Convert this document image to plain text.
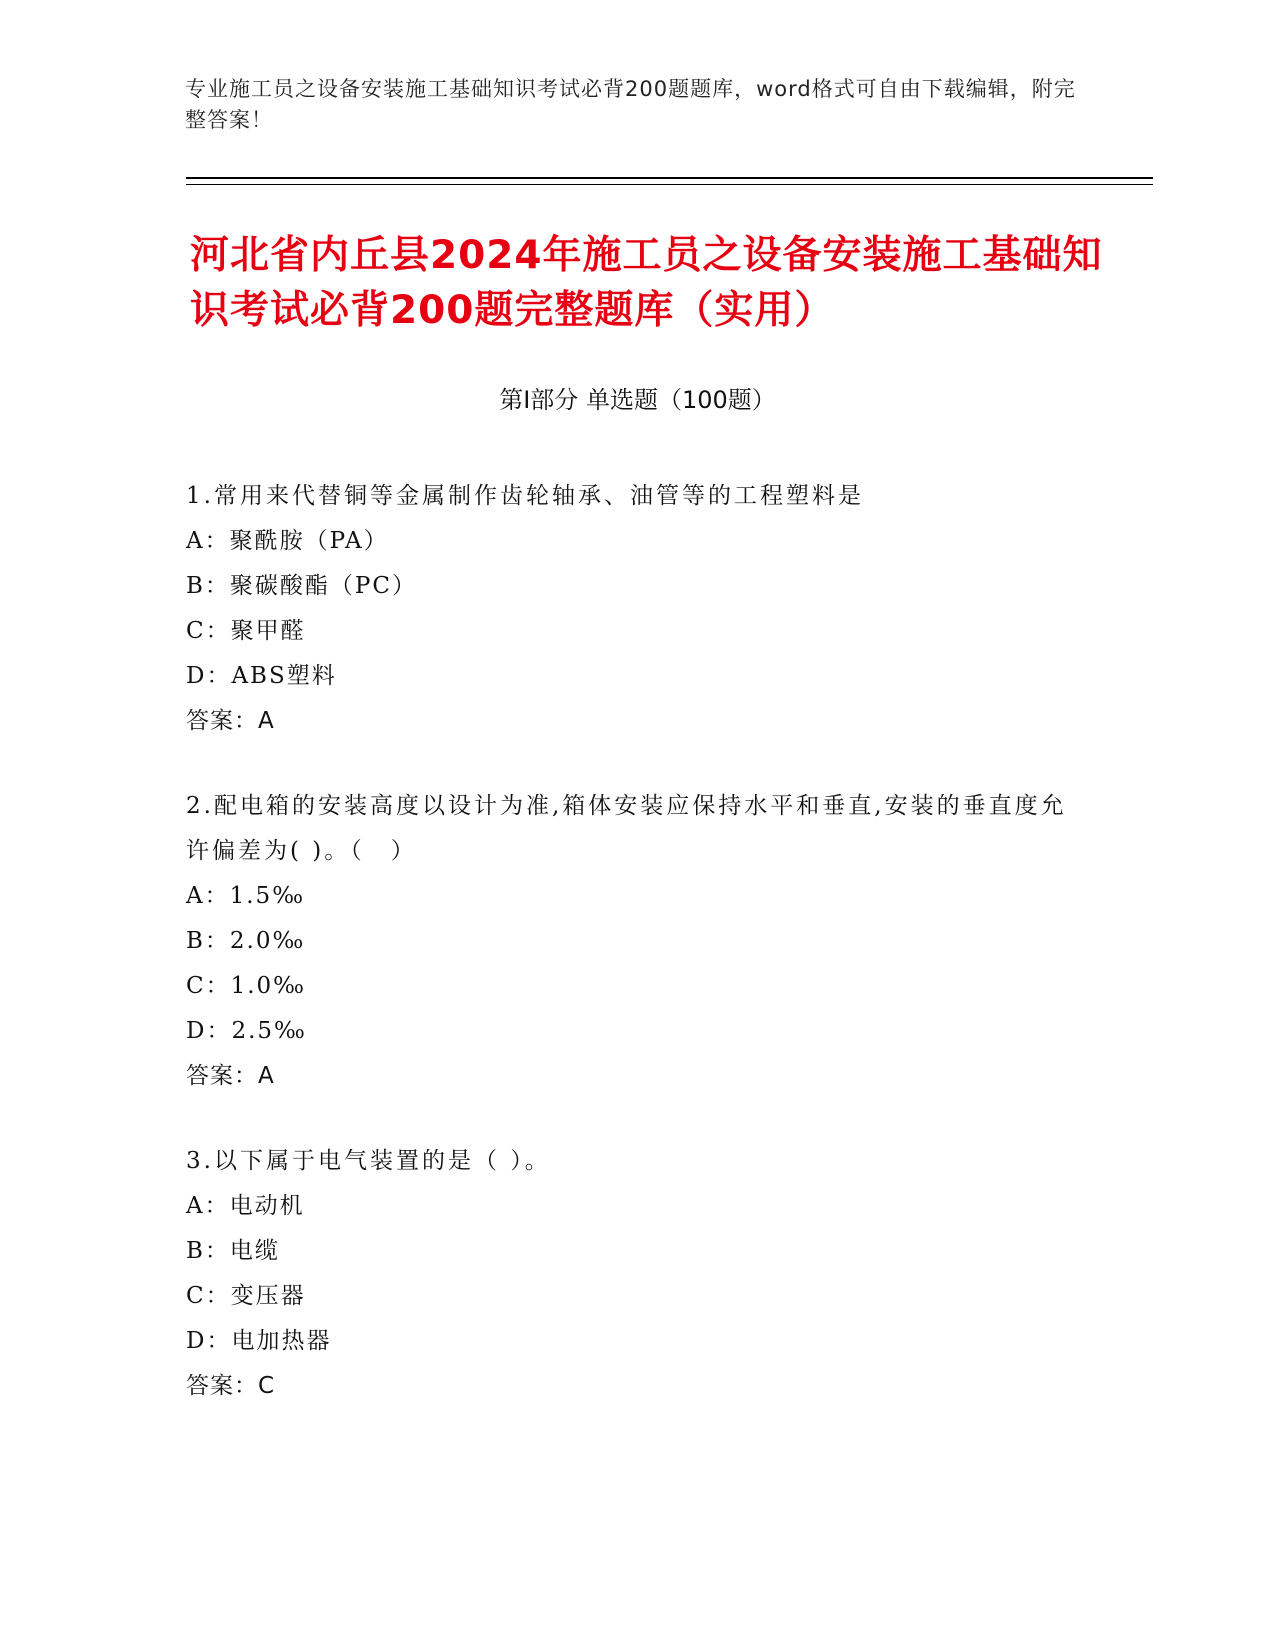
专业施工员之设备安装施工基础知识考试必背200题题库，word格式可自由下载编辑，附完整答案！
河北省内丘县2024年施工员之设备安装施工基础知识考试必背200题完整题库（实用）
第I部分 单选题（100题）
1.常用来代替铜等金属制作齿轮轴承、油管等的工程塑料是
A：聚酰胺（PA）
B：聚碳酸酯（PC）
C：聚甲醛
D：ABS塑料
答案：A
2.配电箱的安装高度以设计为准,箱体安装应保持水平和垂直,安装的垂直度允许偏差为( )。（　）
A：1.5‰
B：2.0‰
C：1.0‰
D：2.5‰
答案：A
3.以下属于电气装置的是（ ）。
A：电动机
B：电缆
C：变压器
D：电加热器
答案：C
